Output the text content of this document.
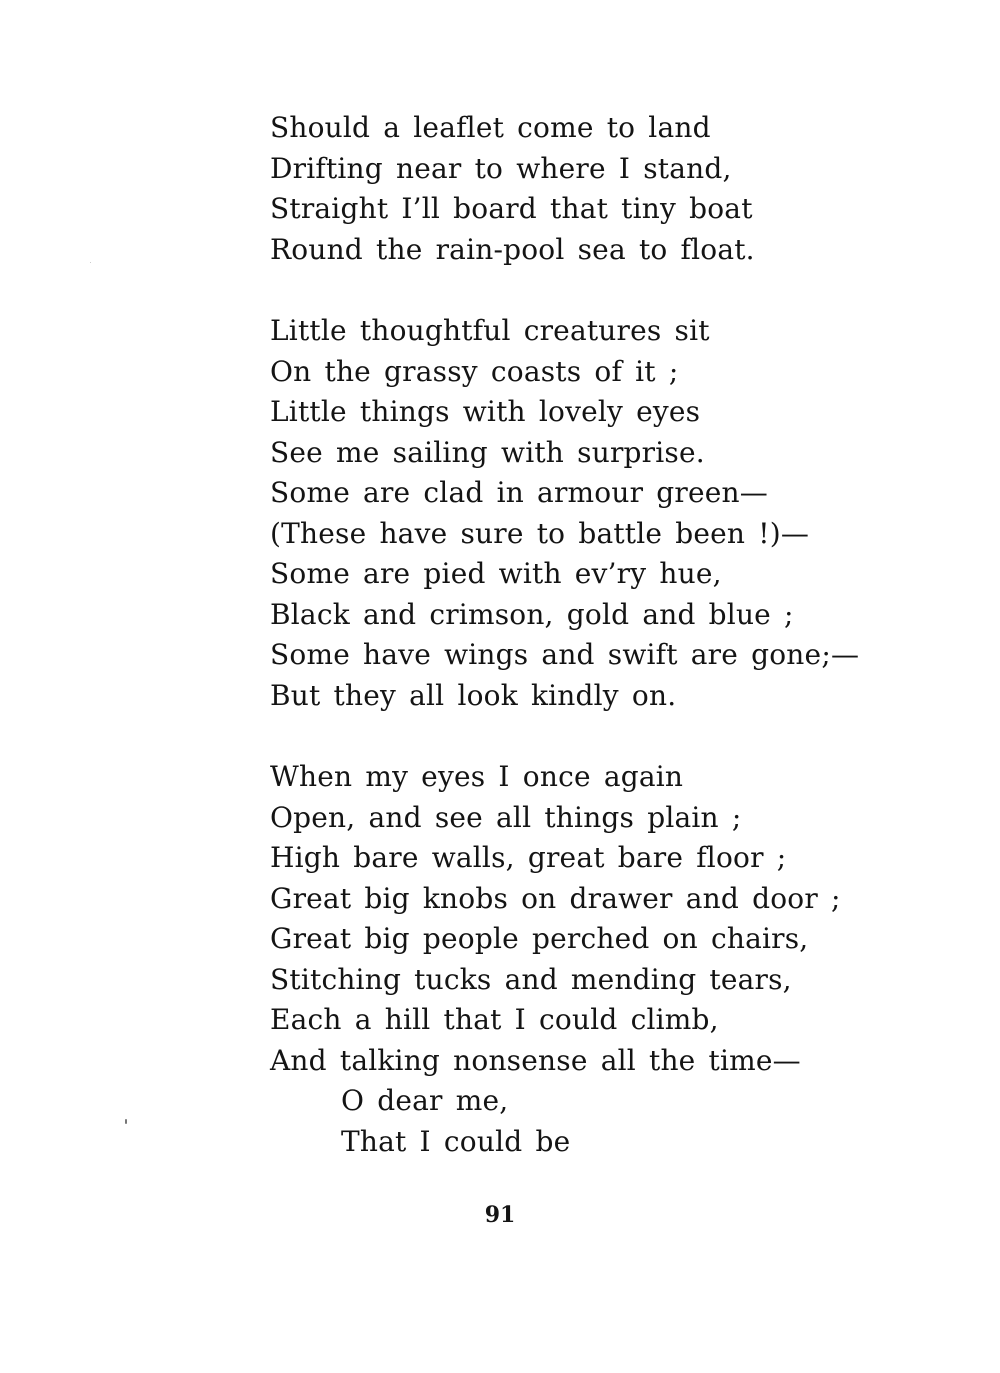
Should a leaflet come to land
Drifting near to where I stand,
Straight I’ll board that tiny boat
Round the rain-pool sea to float.
Little thoughtful creatures sit
On the grassy coasts of it ;
Little things with lovely eyes
See me sailing with surprise.
Some are clad in armour green—
(These have sure to battle been !)—
Some are pied with ev’ry hue,
Black and crimson, gold and blue ;
Some have wings and swift are gone;—
But they all look kindly on.
When my eyes I once again
Open, and see all things plain ;
High bare walls, great bare floor ;
Great big knobs on drawer and door ;
Great big people perched on chairs,
Stitching tucks and mending tears,
Each a hill that I could climb,
And talking nonsense all the time—
O dear me,
That I could be
91
